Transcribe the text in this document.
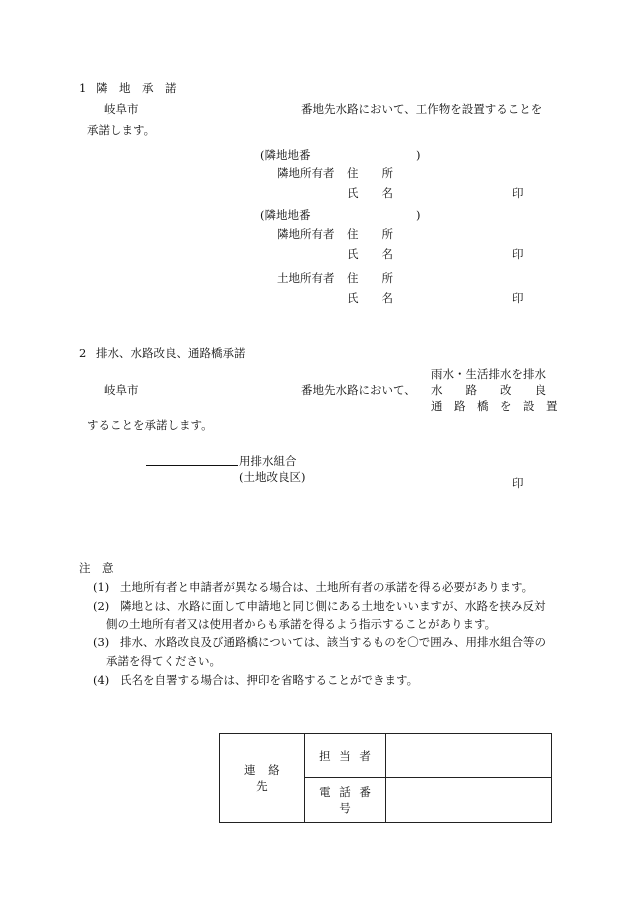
1 隣　地　承　諾
岐阜市	番地先水路において、工作物を設置することを
承諾します。
(隣地地番	)
隣地所有者 住　　所
氏　　名	印
(隣地地番	)
隣地所有者 住　　所
氏　　名	印
土地所有者 住　　所
氏　　名	印
2 排水、水路改良、通路橋承諾
雨水・生活排水を排水
岐阜市	番地先水路において、 水　　路　　改　　良
通　路　橋　を　設　置
することを承諾します。
用排水組合
(土地改良区)	印
注　意
(1) 土地所有者と申請者が異なる場合は、土地所有者の承諾を得る必要があります。
(2) 隣地とは、水路に面して申請地と同じ側にある土地をいいますが、水路を挟み反対
側の土地所有者又は使用者からも承諾を得るよう指示することがあります。
(3) 排水、水路改良及び通路橋については、該当するものを〇で囲み、用排水組合等の
承諾を得てください。
(4) 氏名を自署する場合は、押印を省略することができます。
連絡先	担当者	
	電話番号	
